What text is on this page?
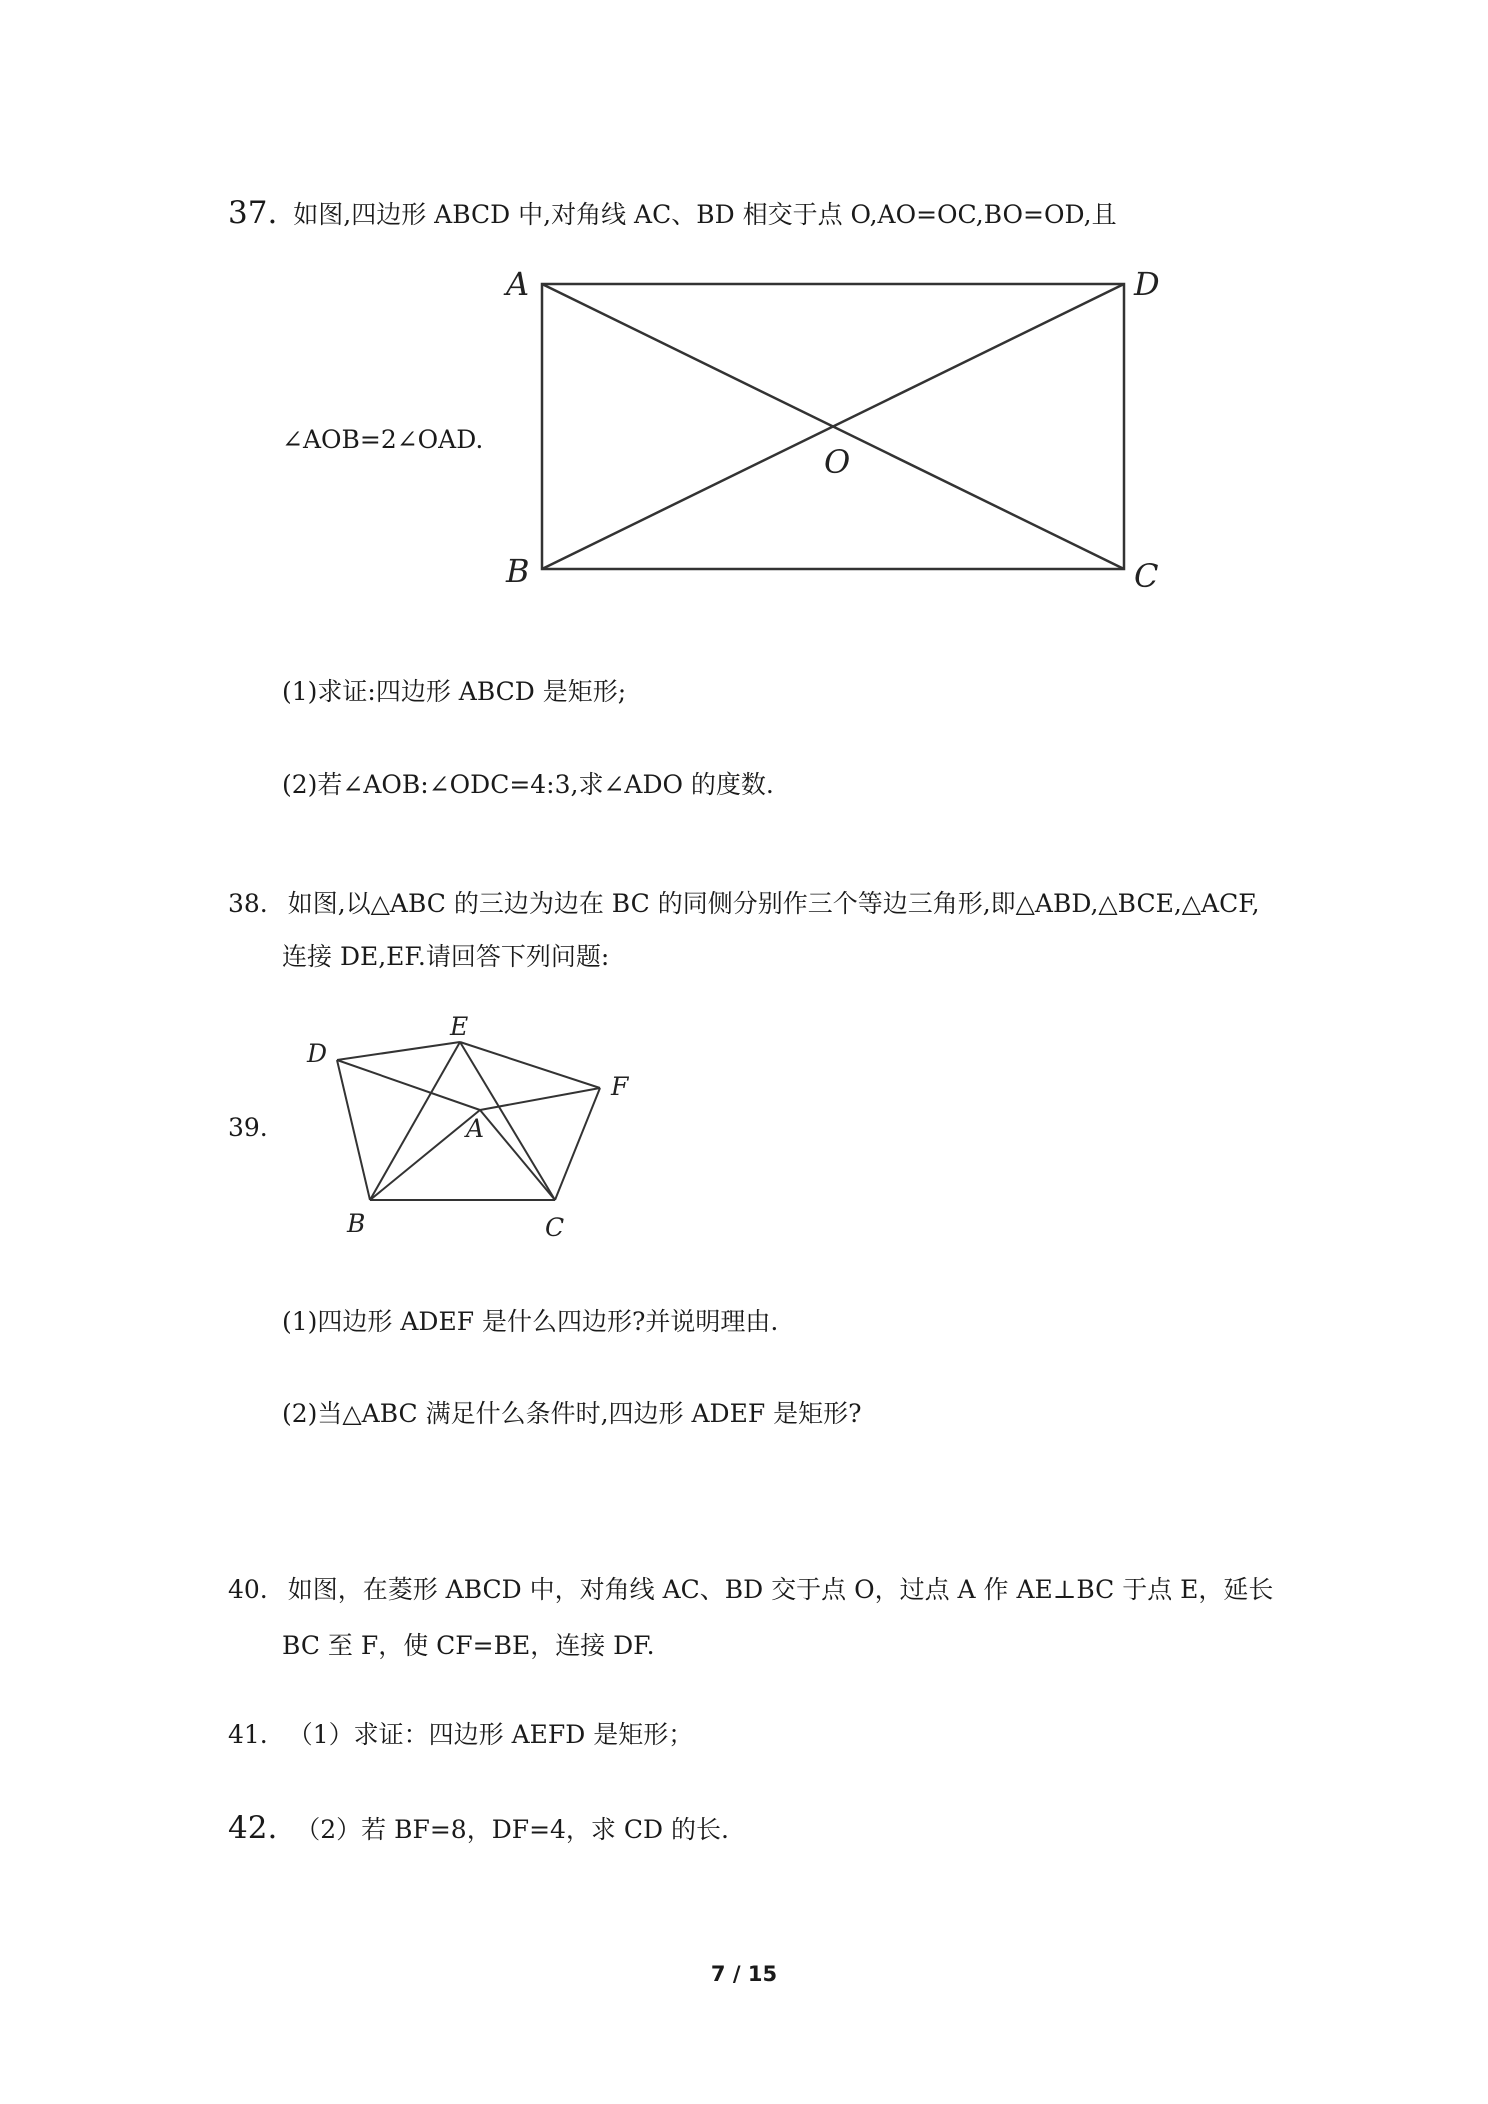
37. 如图,四边形 ABCD 中,对角线 AC、BD 相交于点 O,AO=OC,BO=OD,且
A	D
O
B	C
∠AOB=2∠OAD.
(1)求证:四边形 ABCD 是矩形;
(2)若∠AOB:∠ODC=4:3,求∠ADO 的度数.
38. 如图,以△ABC 的三边为边在 BC 的同侧分别作三个等边三角形,即△ABD,△BCE,△ACF,
连接 DE,EF.请回答下列问题:
39.
D
E
F
A
B	C
(1)四边形 ADEF 是什么四边形?并说明理由.
(2)当△ABC 满足什么条件时,四边形 ADEF 是矩形?
40. 如图，在菱形 ABCD 中，对角线 AC、BD 交于点 O，过点 A 作 AE⊥BC 于点 E，延长
BC 至 F，使 CF=BE，连接 DF.
41. （1）求证：四边形 AEFD 是矩形；
42. （2）若 BF=8，DF=4，求 CD 的长.
7 / 15
